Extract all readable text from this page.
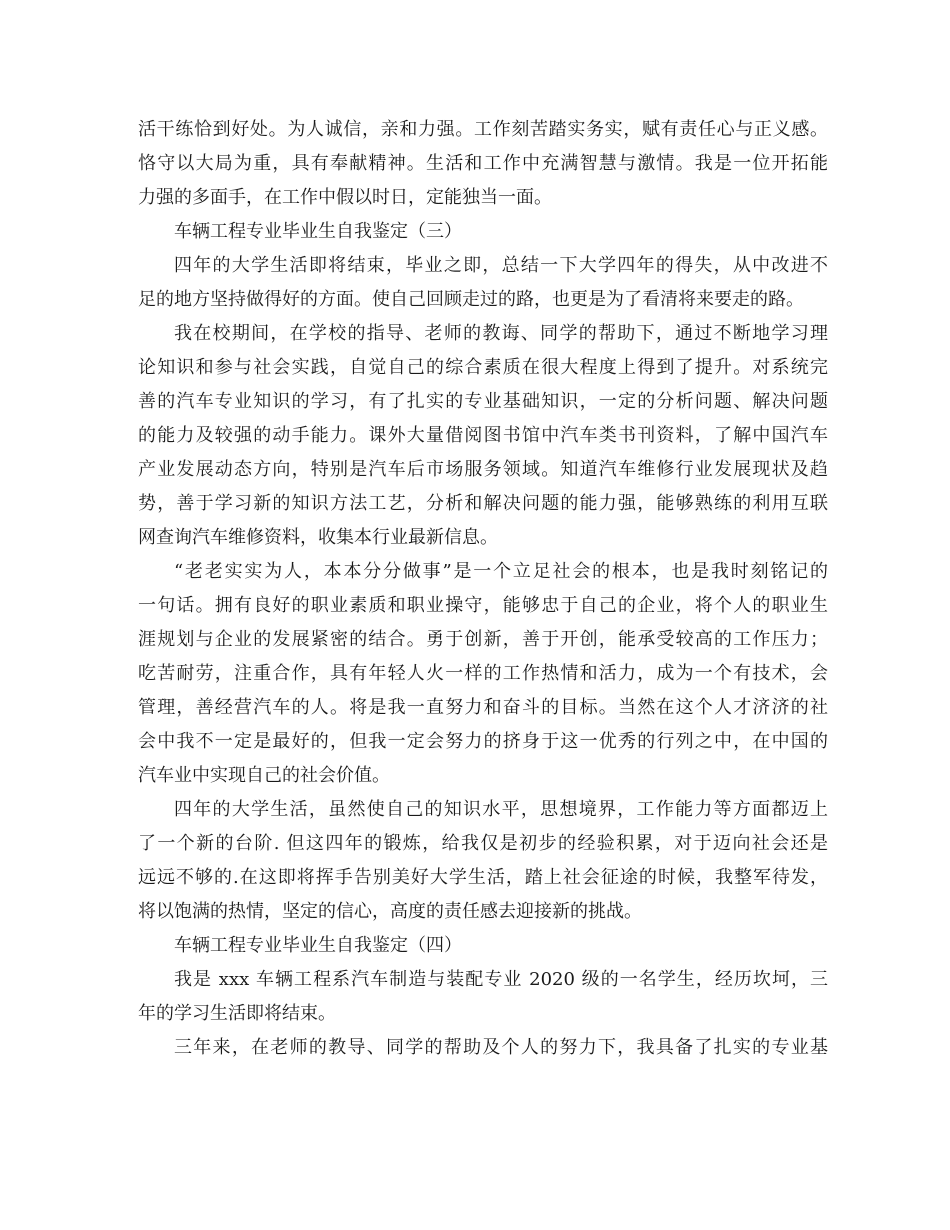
活干练恰到好处。为人诚信，亲和力强。工作刻苦踏实务实，赋有责任心与正义感。
恪守以大局为重，具有奉献精神。生活和工作中充满智慧与激情。我是一位开拓能
力强的多面手，在工作中假以时日，定能独当一面。
车辆工程专业毕业生自我鉴定（三）
四年的大学生活即将结束，毕业之即，总结一下大学四年的得失，从中改进不
足的地方坚持做得好的方面。使自己回顾走过的路，也更是为了看清将来要走的路。
我在校期间，在学校的指导、老师的教诲、同学的帮助下，通过不断地学习理
论知识和参与社会实践，自觉自己的综合素质在很大程度上得到了提升。对系统完
善的汽车专业知识的学习，有了扎实的专业基础知识，一定的分析问题、解决问题
的能力及较强的动手能力。课外大量借阅图书馆中汽车类书刊资料，了解中国汽车
产业发展动态方向，特别是汽车后市场服务领域。知道汽车维修行业发展现状及趋
势，善于学习新的知识方法工艺，分析和解决问题的能力强，能够熟练的利用互联
网查询汽车维修资料，收集本行业最新信息。
“老老实实为人，本本分分做事”是一个立足社会的根本，也是我时刻铭记的
一句话。拥有良好的职业素质和职业操守，能够忠于自己的企业，将个人的职业生
涯规划与企业的发展紧密的结合。勇于创新，善于开创，能承受较高的工作压力；
吃苦耐劳，注重合作，具有年轻人火一样的工作热情和活力，成为一个有技术，会
管理，善经营汽车的人。将是我一直努力和奋斗的目标。当然在这个人才济济的社
会中我不一定是最好的，但我一定会努力的挤身于这一优秀的行列之中，在中国的
汽车业中实现自己的社会价值。
四年的大学生活，虽然使自己的知识水平，思想境界，工作能力等方面都迈上
了一个新的台阶. 但这四年的锻炼，给我仅是初步的经验积累，对于迈向社会还是
远远不够的.在这即将挥手告别美好大学生活，踏上社会征途的时候，我整军待发，
将以饱满的热情，坚定的信心，高度的责任感去迎接新的挑战。
车辆工程专业毕业生自我鉴定（四）
我是 xxx 车辆工程系汽车制造与装配专业 2020 级的一名学生，经历坎坷，三
年的学习生活即将结束。
三年来，在老师的教导、同学的帮助及个人的努力下，我具备了扎实的专业基
